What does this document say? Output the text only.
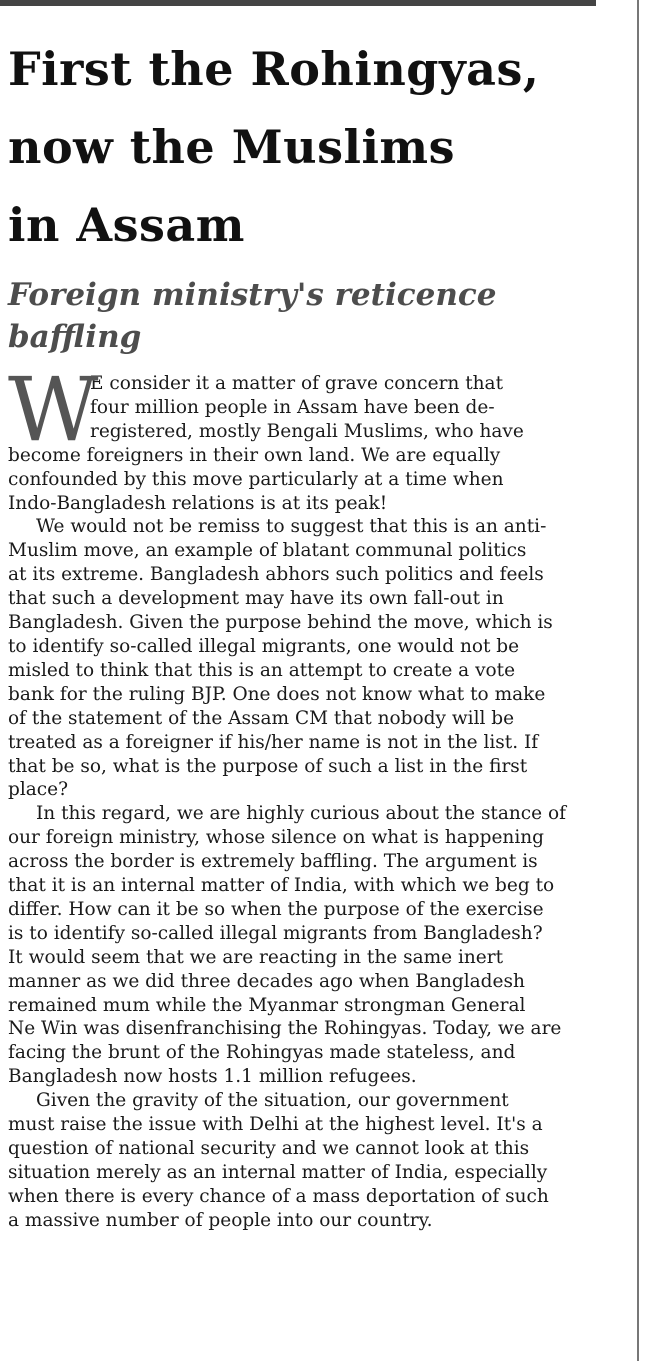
First the Rohingyas,
now the Muslims
in Assam
Foreign ministry's reticence
baffling
W
E consider it a matter of grave concern that
four million people in Assam have been de-
registered, mostly Bengali Muslims, who have
become foreigners in their own land. We are equally
confounded by this move particularly at a time when
Indo-Bangladesh relations is at its peak!
We would not be remiss to suggest that this is an anti-
Muslim move, an example of blatant communal politics
at its extreme. Bangladesh abhors such politics and feels
that such a development may have its own fall-out in
Bangladesh. Given the purpose behind the move, which is
to identify so-called illegal migrants, one would not be
misled to think that this is an attempt to create a vote
bank for the ruling BJP. One does not know what to make
of the statement of the Assam CM that nobody will be
treated as a foreigner if his/her name is not in the list. If
that be so, what is the purpose of such a list in the first
place?
In this regard, we are highly curious about the stance of
our foreign ministry, whose silence on what is happening
across the border is extremely baffling. The argument is
that it is an internal matter of India, with which we beg to
differ. How can it be so when the purpose of the exercise
is to identify so-called illegal migrants from Bangladesh?
It would seem that we are reacting in the same inert
manner as we did three decades ago when Bangladesh
remained mum while the Myanmar strongman General
Ne Win was disenfranchising the Rohingyas. Today, we are
facing the brunt of the Rohingyas made stateless, and
Bangladesh now hosts 1.1 million refugees.
Given the gravity of the situation, our government
must raise the issue with Delhi at the highest level. It's a
question of national security and we cannot look at this
situation merely as an internal matter of India, especially
when there is every chance of a mass deportation of such
a massive number of people into our country.
